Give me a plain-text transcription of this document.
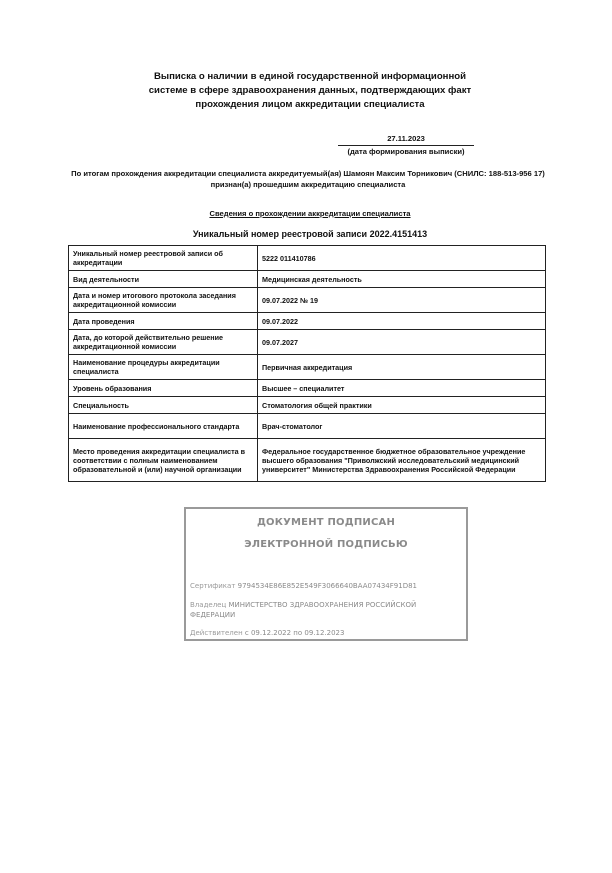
Выписка о наличии в единой государственной информационной
системе в сфере здравоохранения данных, подтверждающих факт
прохождения лицом аккредитации специалиста
27.11.2023
(дата формирования выписки)
По итогам прохождения аккредитации специалиста аккредитуемый(ая) Шамоян Максим Торникович (СНИЛС: 188-513-956 17) признан(а) прошедшим аккредитацию специалиста
Сведения о прохождении аккредитации специалиста
Уникальный номер реестровой записи 2022.4151413
Уникальный номер реестровой записи об аккредитации	5222 011410786
Вид деятельности	Медицинская деятельность
Дата и номер итогового протокола заседания аккредитационной комиссии	09.07.2022 № 19
Дата проведения	09.07.2022
Дата, до которой действительно решение аккредитационной комиссии	09.07.2027
Наименование процедуры аккредитации специалиста	Первичная аккредитация
Уровень образования	Высшее – специалитет
Специальность	Стоматология общей практики
Наименование профессионального стандарта	Врач-стоматолог
Место проведения аккредитации специалиста в соответствии с полным наименованием образовательной и (или) научной организации	Федеральное государственное бюджетное образовательное учреждение высшего образования "Приволжский исследовательский медицинский университет" Министерства Здравоохранения Российской Федерации
ДОКУМЕНТ ПОДПИСАН
ЭЛЕКТРОННОЙ ПОДПИСЬЮ
Сертификат 9794534E86E852E549F3066640BAA07434F91D81
Владелец МИНИСТЕРСТВО ЗДРАВООХРАНЕНИЯ РОССИЙСКОЙ ФЕДЕРАЦИИ
Действителен с 09.12.2022 по 09.12.2023
